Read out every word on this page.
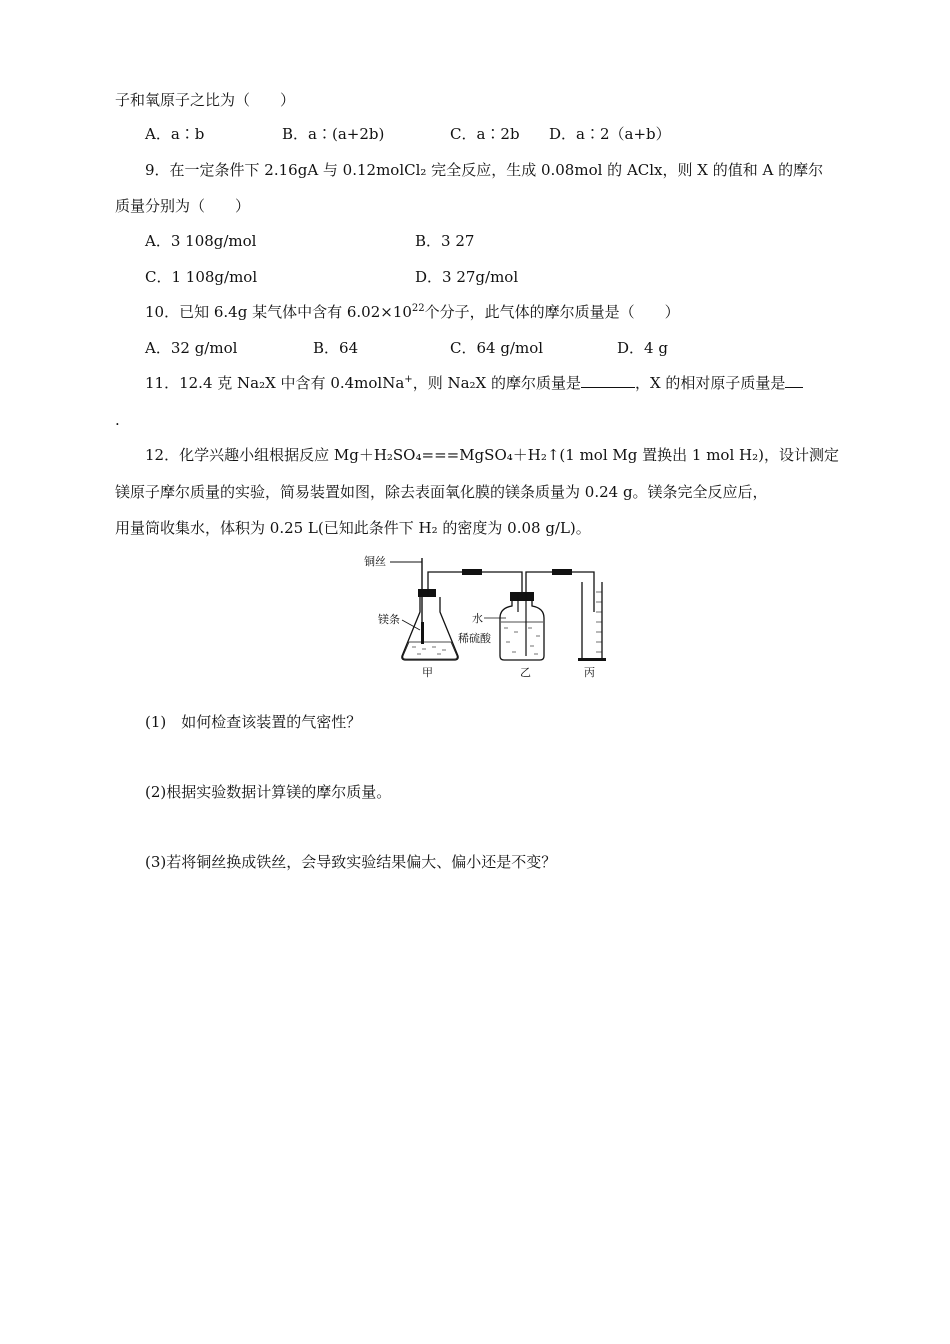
子和氧原子之比为（　　）
A．a∶b	B．a∶(a+2b)	C．a∶2b D．a∶2（a+b）
9．在一定条件下 2.16gA 与 0.12molCl₂ 完全反应，生成 0.08mol 的 AClx，则 X 的值和 A 的摩尔
质量分别为（　　）
A．3 108g/mol	B．3 27
C．1 108g/mol	D．3 27g/mol
10．已知 6.4g 某气体中含有 $6.02\times 10^{22}$个分子，此气体的摩尔质量是（　　）
A．32 g/mol	B．64	C．64 g/mol	D．4 g
11．12.4 克 Na₂X 中含有 0.4molNa+，则 Na₂X 的摩尔质量是	，X 的相对原子质量是
.
12．化学兴趣小组根据反应 Mg＋H₂SO₄===MgSO₄＋H₂↑(1 mol Mg 置换出 1 mol H₂)，设计测定
镁原子摩尔质量的实验，简易装置如图，除去表面氧化膜的镁条质量为 0.24 g。镁条完全反应后，
用量筒收集水，体积为 0.25 L(已知此条件下 H₂ 的密度为 0.08 g/L)。
铜丝
镁条
稀硫酸
水
甲	乙	丙
(1)　如何检查该装置的气密性？
(2)根据实验数据计算镁的摩尔质量。
(3)若将铜丝换成铁丝，会导致实验结果偏大、偏小还是不变？
